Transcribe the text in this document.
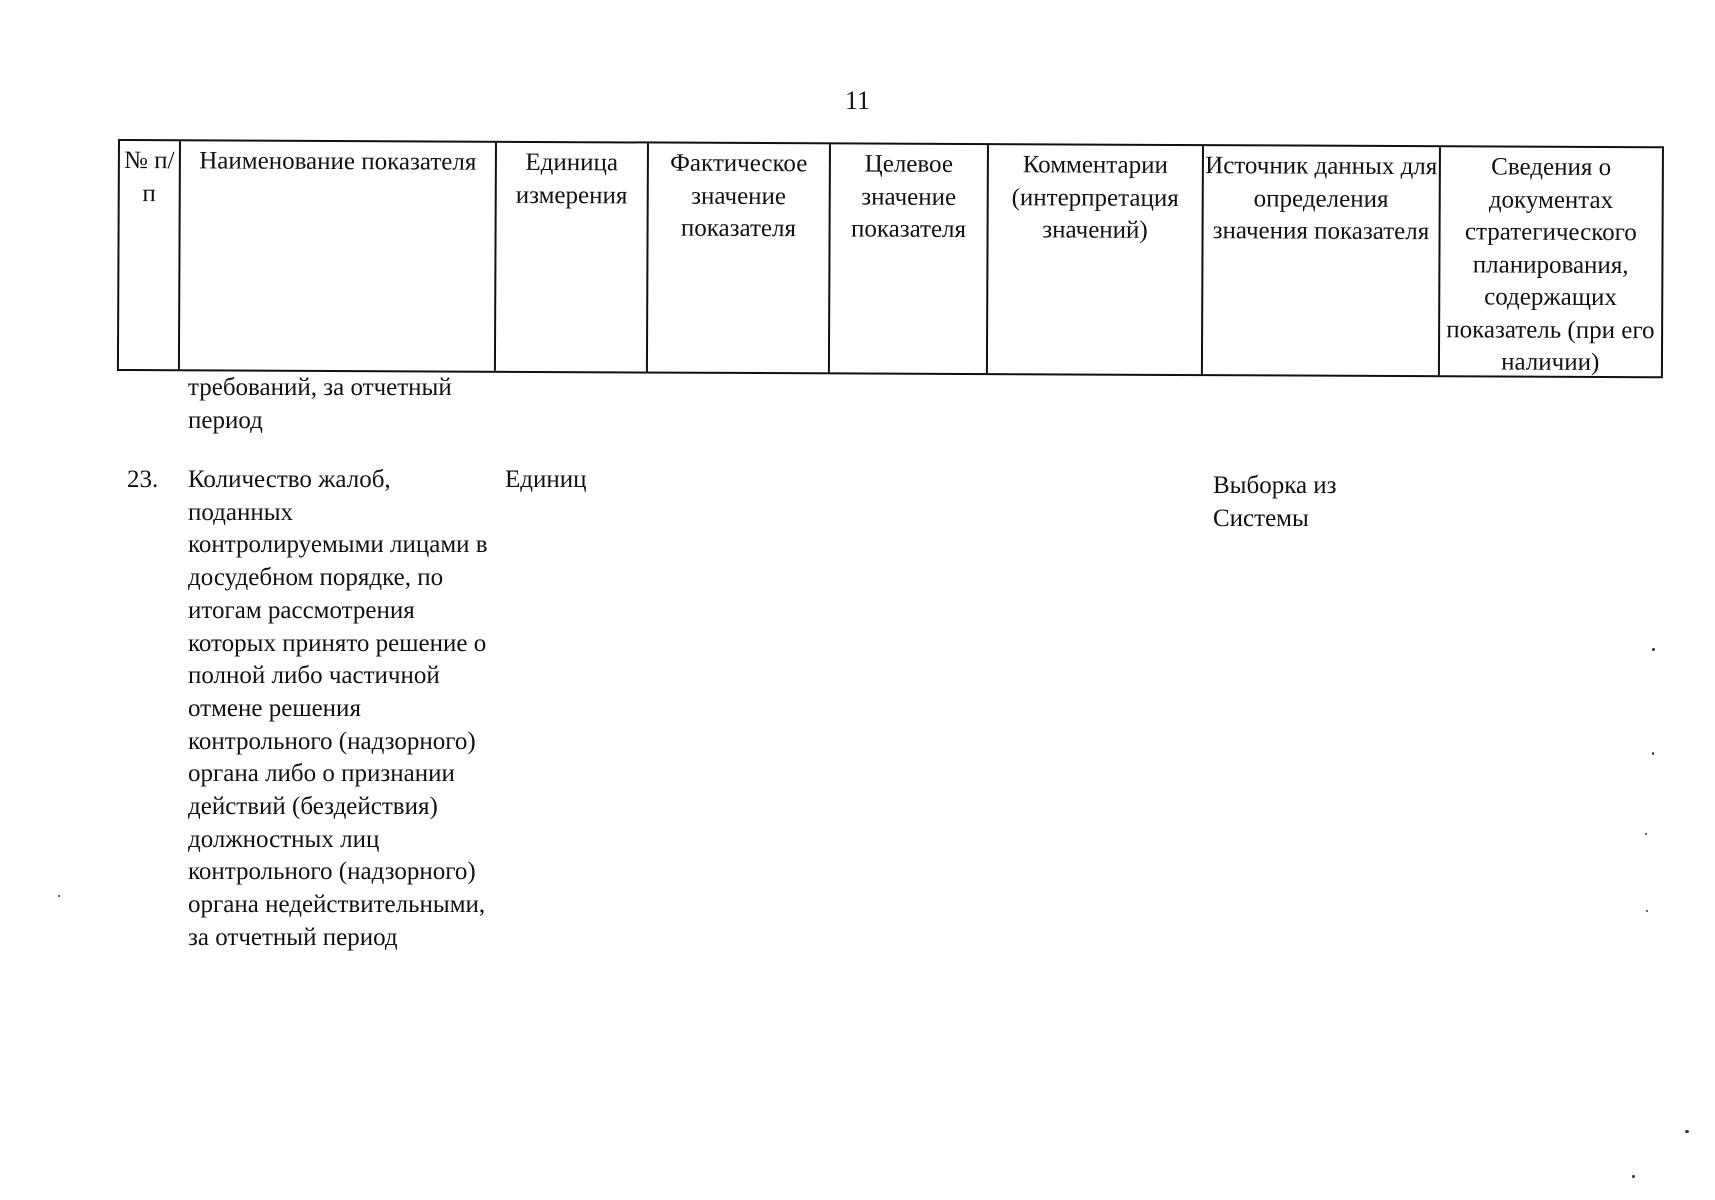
11
№ п/п
Наименование показателя	Единица измерения
Фактическое значение показателя
Целевое значение показателя
Комментарии (интерпретация значений)
Источник данных для определения значения показателя
Сведения о документах стратегического планирования, содержащих показатель (при его наличии)
требований, за отчетный период
23. Количество жалоб, поданных контролируемыми лицами в досудебном порядке, по итогам рассмотрения которых принято решение о полной либо частичной отмене решения контрольного (надзорного) органа либо о признании действий (бездействия) должностных лиц контрольного (надзорного) органа недействительными, за отчетный период
Единиц	Выборка из Системы
